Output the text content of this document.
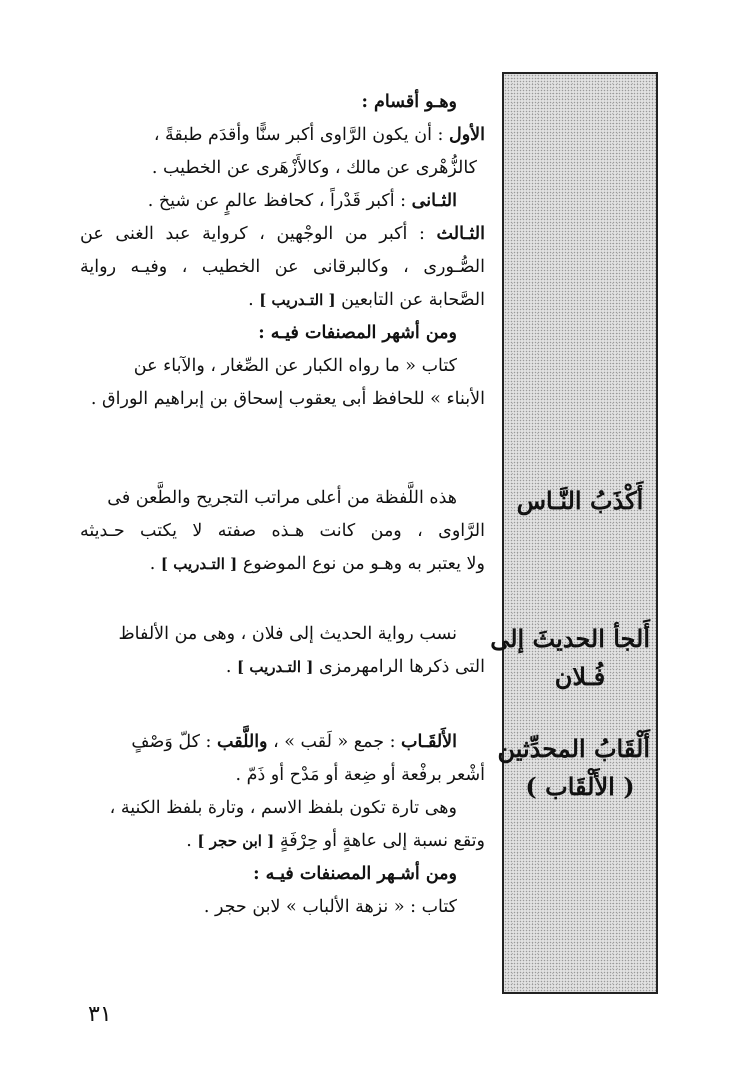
أَكْذَبُ النَّـاس
أَلجأ الحديثَ إلى
فُـلان
أَلْقَابُ المحدِّثين
( الأَلْقَاب )
وهـو أقسام :
الأول : أن يكون الرَّاوى أكبر سنًّا وأقدَم طبقةً ،
كالزُّهْرى عن مالك ، وكالأَزْهَرى عن الخطيب .
الثـانى : أكبر قَدْراً ، كحافظ عالمٍ عن شيخ .
الثـالث : أكبر من الوجْهين ، كرواية عبد الغنى عن
الصُّـورى ، وكالبرقانى عن الخطيب ، وفيـه رواية
الصَّحابة عن التابعين [ التـدريب ] .
ومن أشهر المصنفات فيـه :
كتاب « ما رواه الكبار عن الصِّغار ، والآباء عن
الأبناء » للحافظ أبى يعقوب إسحاق بن إبراهيم الوراق .
هذه اللَّفظة من أعلى مراتب التجريح والطَّعن فى
الرَّاوى ، ومن كانت هـذه صفته لا يكتب حـديثه
ولا يعتبر به وهـو من نوع الموضوع [ التـدريب ] .
نسب رواية الحديث إلى فلان ، وهى من الألفاظ
التى ذكرها الرامهرمزى [ التـدريب ] .
الأَلقَـاب : جمع « لَقب » ، واللَّقب : كلّ وَصْفٍ
أشْعر برفْعة أو ضِعة أو مَدْح أو ذَمّ .
وهى تارة تكون بلفظ الاسم ، وتارة بلفظ الكنية ،
وتقع نسبة إلى عاهةٍ أو حِرْفَةٍ [ ابن حجر ] .
ومن أشـهر المصنفات فيـه :
كتاب : « نزهة الألباب » لابن حجر .
٣١
